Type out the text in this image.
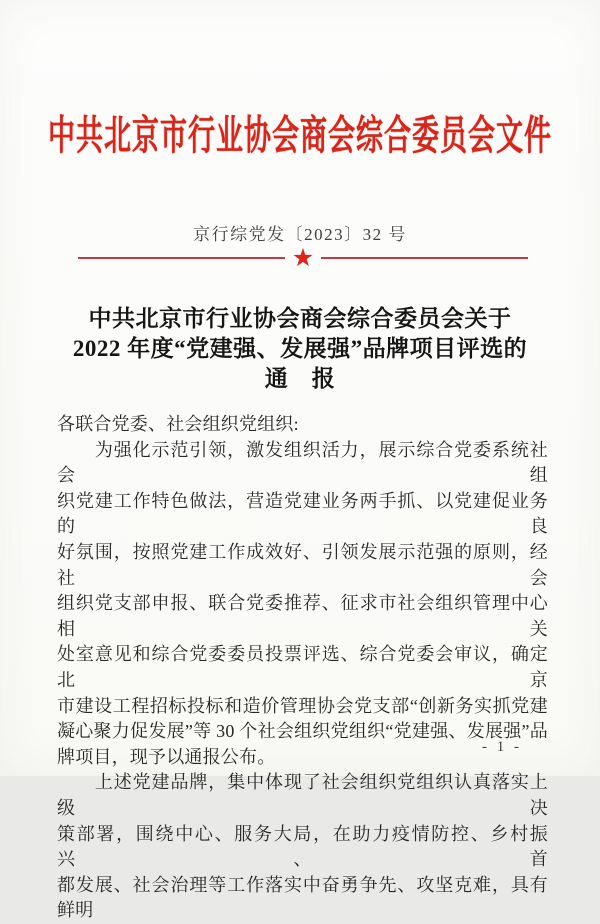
中共北京市行业协会商会综合委员会文件
京行综党发〔2023〕32 号
★
中共北京市行业协会商会综合委员会关于
2022 年度“党建强、发展强”品牌项目评选的
通　报
各联合党委、社会组织党组织:
　　为强化示范引领，激发组织活力，展示综合党委系统社会组
织党建工作特色做法，营造党建业务两手抓、以党建促业务的良
好氛围，按照党建工作成效好、引领发展示范强的原则，经社会
组织党支部申报、联合党委推荐、征求市社会组织管理中心相关
处室意见和综合党委委员投票评选、综合党委会审议，确定北京
市建设工程招标投标和造价管理协会党支部“创新务实抓党建
凝心聚力促发展”等 30 个社会组织党组织“党建强、发展强”品
牌项目，现予以通报公布。
　　上述党建品牌，集中体现了社会组织党组织认真落实上级决
策部署，围绕中心、服务大局，在助力疫情防控、乡村振兴、首
都发展、社会治理等工作落实中奋勇争先、攻坚克难，具有鲜明
- 1 -
